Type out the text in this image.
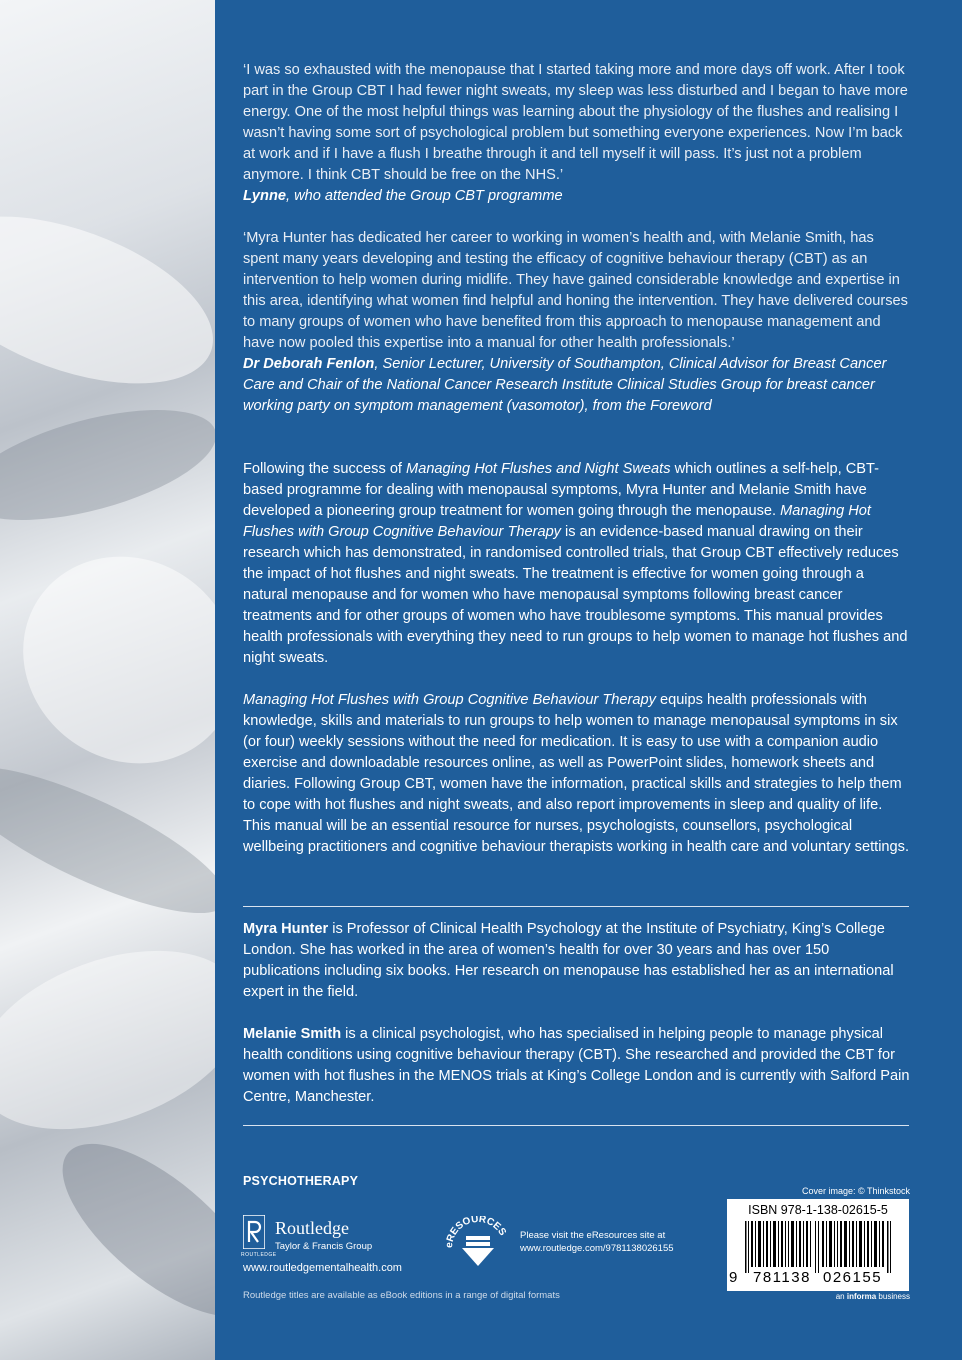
‘I was so exhausted with the menopause that I started taking more and more days off work. After I took part in the Group CBT I had fewer night sweats, my sleep was less disturbed and I began to have more energy. One of the most helpful things was learning about the physiology of the flushes and realising I wasn’t having some sort of psychological problem but something everyone experiences. Now I’m back at work and if I have a flush I breathe through it and tell myself it will pass. It’s just not a problem anymore. I think CBT should be free on the NHS.’
Lynne, who attended the Group CBT programme

‘Myra Hunter has dedicated her career to working in women’s health and, with Melanie Smith, has spent many years developing and testing the efficacy of cognitive behaviour therapy (CBT) as an intervention to help women during midlife. They have gained considerable knowledge and expertise in this area, identifying what women find helpful and honing the intervention. They have delivered courses to many groups of women who have benefited from this approach to menopause management and have now pooled this expertise into a manual for other health professionals.’
Dr Deborah Fenlon, Senior Lecturer, University of Southampton, Clinical Advisor for Breast Cancer Care and Chair of the National Cancer Research Institute Clinical Studies Group for breast cancer working party on symptom management (vasomotor), from the Foreword

Following the success of Managing Hot Flushes and Night Sweats which outlines a self-help, CBT-based programme for dealing with menopausal symptoms, Myra Hunter and Melanie Smith have developed a pioneering group treatment for women going through the menopause. Managing Hot Flushes with Group Cognitive Behaviour Therapy is an evidence-based manual drawing on their research which has demonstrated, in randomised controlled trials, that Group CBT effectively reduces the impact of hot flushes and night sweats. The treatment is effective for women going through a natural menopause and for women who have menopausal symptoms following breast cancer treatments and for other groups of women who have troublesome symptoms. This manual provides health professionals with everything they need to run groups to help women to manage hot flushes and night sweats.

Managing Hot Flushes with Group Cognitive Behaviour Therapy equips health professionals with knowledge, skills and materials to run groups to help women to manage menopausal symptoms in six (or four) weekly sessions without the need for medication. It is easy to use with a companion audio exercise and downloadable resources online, as well as PowerPoint slides, homework sheets and diaries. Following Group CBT, women have the information, practical skills and strategies to help them to cope with hot flushes and night sweats, and also report improvements in sleep and quality of life. This manual will be an essential resource for nurses, psychologists, counsellors, psychological wellbeing practitioners and cognitive behaviour therapists working in health care and voluntary settings.

Myra Hunter is Professor of Clinical Health Psychology at the Institute of Psychiatry, King’s College London. She has worked in the area of women’s health for over 30 years and has over 150 publications including six books. Her research on menopause has established her as an international expert in the field.

Melanie Smith is a clinical psychologist, who has specialised in helping people to manage physical health conditions using cognitive behaviour therapy (CBT). She researched and provided the CBT for women with hot flushes in the MENOS trials at King’s College London and is currently with Salford Pain Centre, Manchester.

PSYCHOTHERAPY
ROUTLEDGE
Routledge
Taylor & Francis Group
www.routledgementalhealth.com
eRESOURCES Please visit the eResources site at
www.routledge.com/9781138026155
Routledge titles are available as eBook editions in a range of digital formats
Cover image: © Thinkstock
ISBN 978-1-138-02615-5
9 781138 026155
an informa business
